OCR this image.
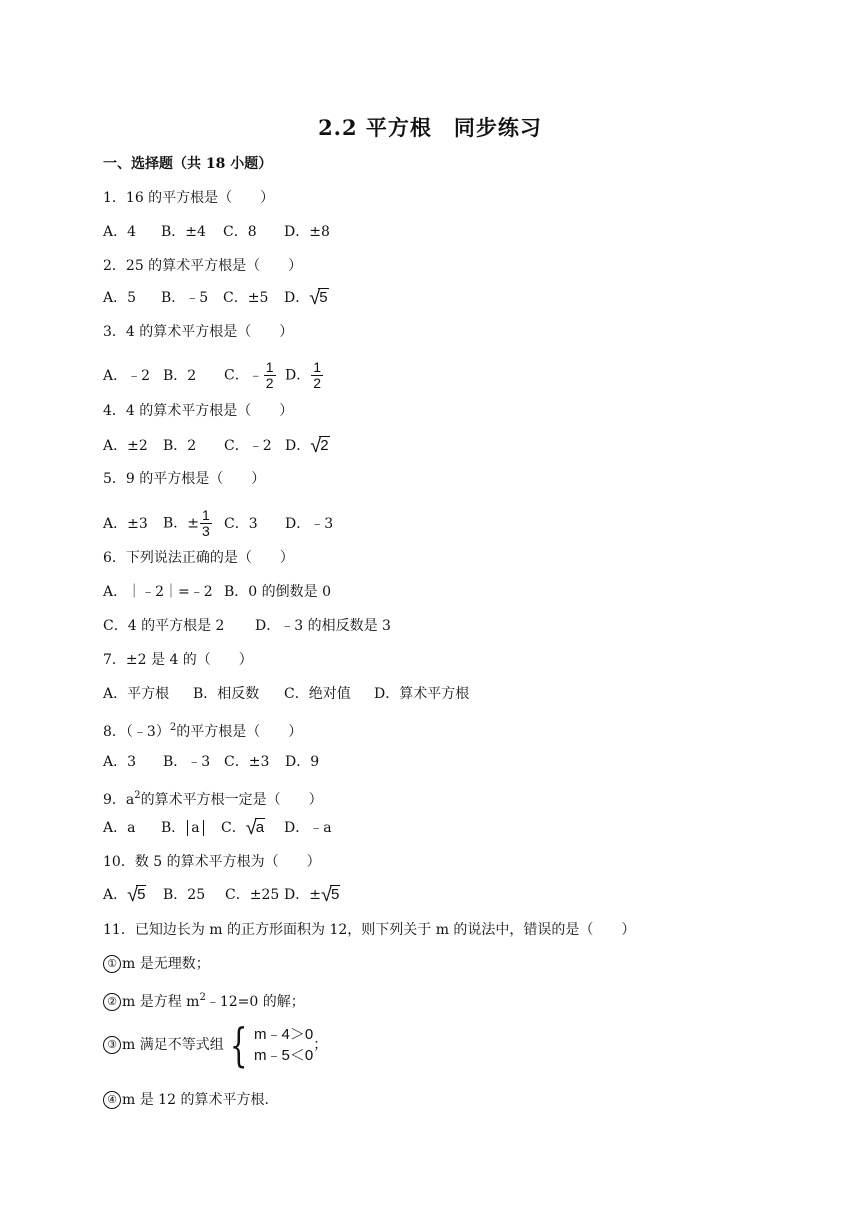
2.2 平方根　同步练习
一、选择题（共 18 小题）
1．16 的平方根是（　　）
A．4 B．±4 C．8 D．±8
2．25 的算术平方根是（　　）
A．5 B．﹣5 C．±5 D．√5
3．4 的算术平方根是（　　）
A．﹣2 B．2 C．﹣ $\frac{1}{2}$ D． $\frac{1}{2}$
4．4 的算术平方根是（　　）
A．±2 B．2 C．﹣2 D．√2
5．9 的平方根是（　　）
A．±3 B．± $\frac{1}{3}$ C．3 D．﹣3
6．下列说法正确的是（　　）
A．｜﹣2｜=﹣2 B．0 的倒数是 0
C．4 的平方根是 2 D．﹣3 的相反数是 3
7．±2 是 4 的（　　）
A．平方根 B．相反数 C．绝对值 D．算术平方根
8．（﹣3）$^2$的平方根是（　　）
A．3 B．﹣3 C．±3 D．9
9．$a^2$的算术平方根一定是（　　）
A．a B． a C．√a D．﹣a
10．数 5 的算术平方根为（　　）
A．√5 B．25 C．±25 D．±√5
11．已知边长为 m 的正方形面积为 12，则下列关于 m 的说法中，错误的是（　　）
① m 是无理数；
② m 是方程 $m^2﹣12=0$ 的解；
③ m 满足不等式组 { m﹣4＞0
m﹣5＜0
；
④ m 是 12 的算术平方根.
